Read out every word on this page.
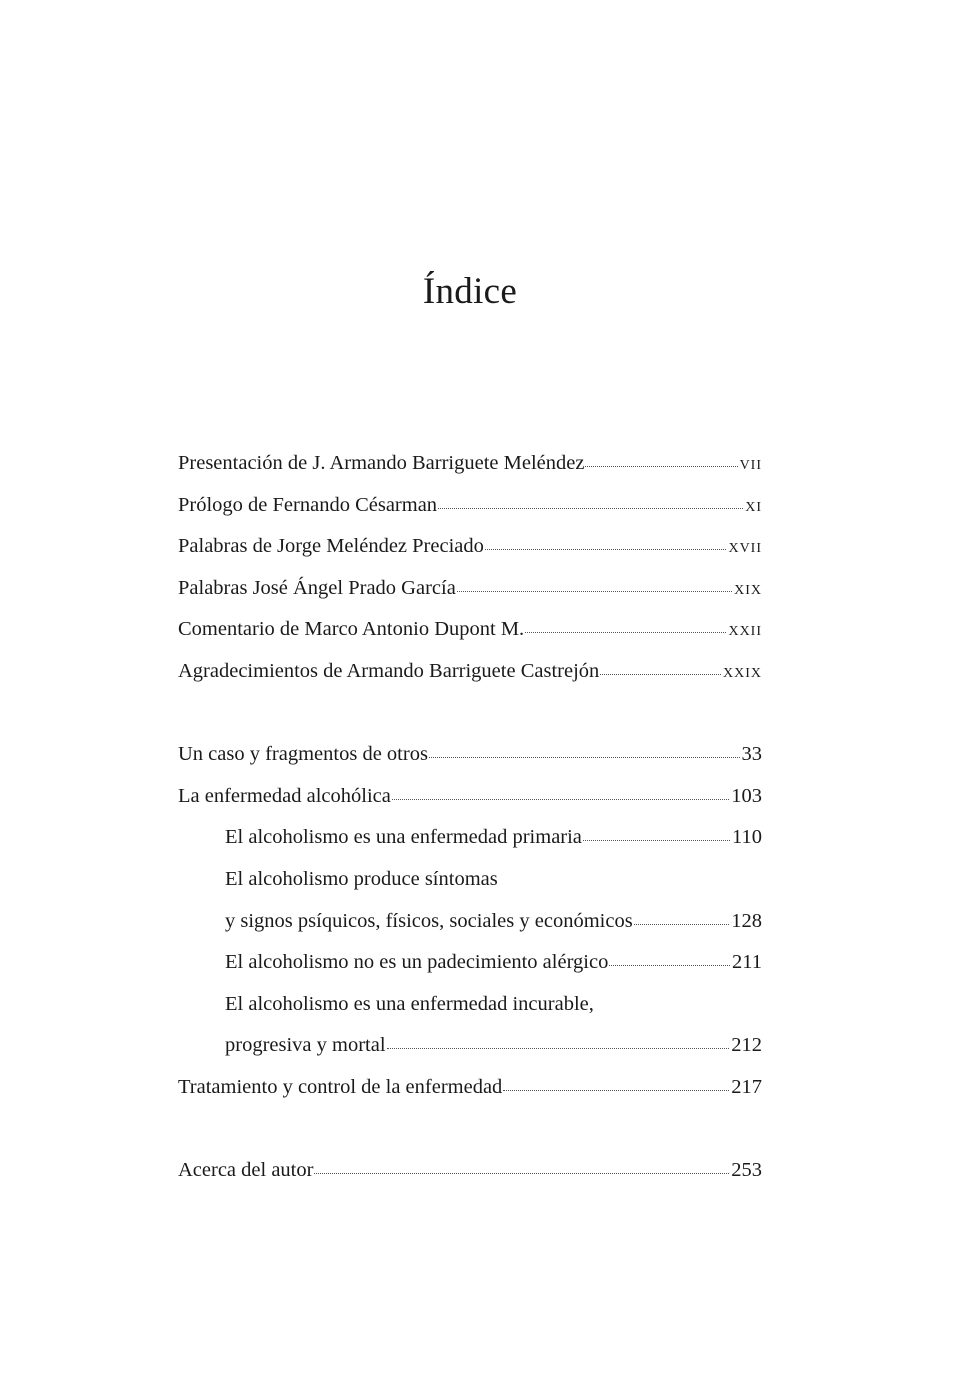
Índice
Presentación de J. Armando Barriguete Meléndez	vii
Prólogo de Fernando Césarman	xi
Palabras de Jorge Meléndez Preciado	xvii
Palabras José Ángel Prado García	xix
Comentario de Marco Antonio Dupont M.	xxii
Agradecimientos de Armando Barriguete Castrejón	xxix
Un caso y fragmentos de otros	33
La enfermedad alcohólica	103
El alcoholismo es una enfermedad primaria	110
El alcoholismo produce síntomas
y signos psíquicos, físicos, sociales y económicos	128
El alcoholismo no es un padecimiento alérgico	211
El alcoholismo es una enfermedad incurable,
progresiva y mortal	212
Tratamiento y control de la enfermedad	217
Acerca del autor	253
